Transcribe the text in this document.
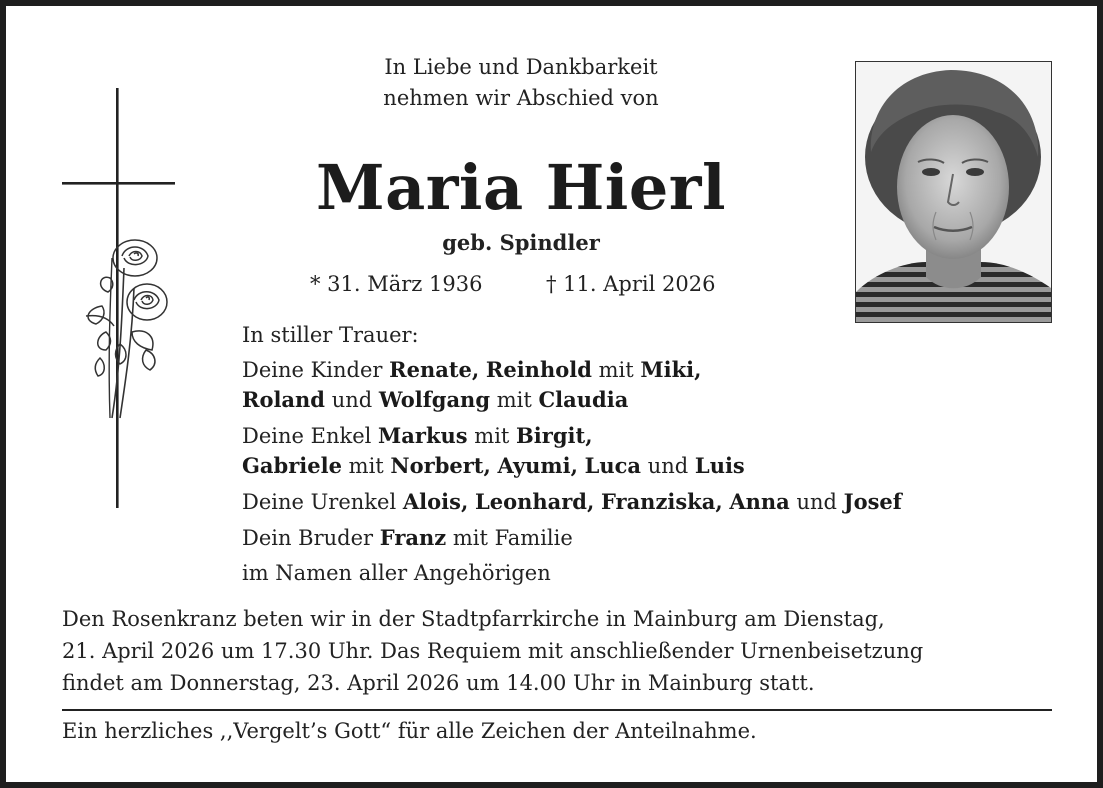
In Liebe und Dankbarkeit
nehmen wir Abschied von
Maria Hierl
geb. Spindler
* 31. März 1936	† 11. April 2026
In stiller Trauer:
Deine Kinder Renate, Reinhold mit Miki,
Roland und Wolfgang mit Claudia
Deine Enkel Markus mit Birgit,
Gabriele mit Norbert, Ayumi, Luca und Luis
Deine Urenkel Alois, Leonhard, Franziska, Anna und Josef
Dein Bruder Franz mit Familie
im Namen aller Angehörigen
Den Rosenkranz beten wir in der Stadtpfarrkirche in Mainburg am Dienstag,
21. April 2026 um 17.30 Uhr. Das Requiem mit anschließender Urnenbeisetzung
findet am Donnerstag, 23. April 2026 um 14.00 Uhr in Mainburg statt.
Ein herzliches ,,Vergelt’s Gott“ für alle Zeichen der Anteilnahme.
